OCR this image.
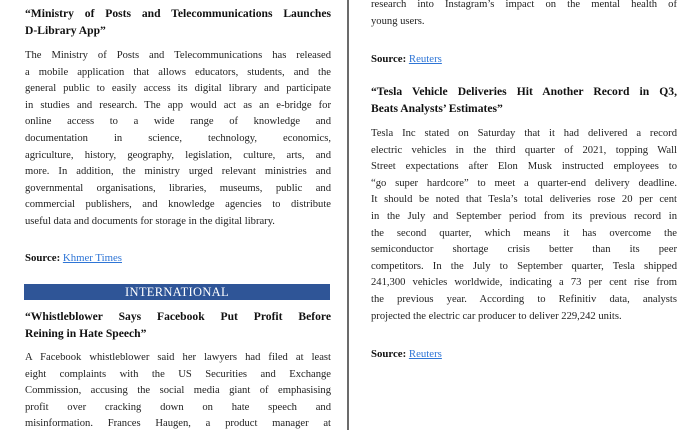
“Ministry of Posts and Telecommunications Launches
D-Library App”
The Ministry of Posts and Telecommunications has released
a mobile application that allows educators, students, and the
general public to easily access its digital library and participate
in studies and research. The app would act as an e-bridge for
online access to a wide range of knowledge and
documentation in science, technology, economics,
agriculture, history, geography, legislation, culture, arts, and
more. In addition, the ministry urged relevant ministries and
governmental organisations, libraries, museums, public and
commercial publishers, and knowledge agencies to distribute
useful data and documents for storage in the digital library.
Source: Khmer Times
INTERNATIONAL
“Whistleblower Says Facebook Put Profit Before
Reining in Hate Speech”
A Facebook whistleblower said her lawyers had filed at least
eight complaints with the US Securities and Exchange
Commission, accusing the social media giant of emphasising
profit over cracking down on hate speech and
misinformation. Frances Haugen, a product manager at
research into Instagram’s impact on the mental health of
young users.
Source: Reuters
“Tesla Vehicle Deliveries Hit Another Record in Q3,
Beats Analysts’ Estimates”
Tesla Inc stated on Saturday that it had delivered a record
electric vehicles in the third quarter of 2021, topping Wall
Street expectations after Elon Musk instructed employees to
“go super hardcore” to meet a quarter-end delivery deadline.
It should be noted that Tesla’s total deliveries rose 20 per cent
in the July and September period from its previous record in
the second quarter, which means it has overcome the
semiconductor shortage crisis better than its peer
competitors. In the July to September quarter, Tesla shipped
241,300 vehicles worldwide, indicating a 73 per cent rise from
the previous year. According to Refinitiv data, analysts
projected the electric car producer to deliver 229,242 units.
Source: Reuters
